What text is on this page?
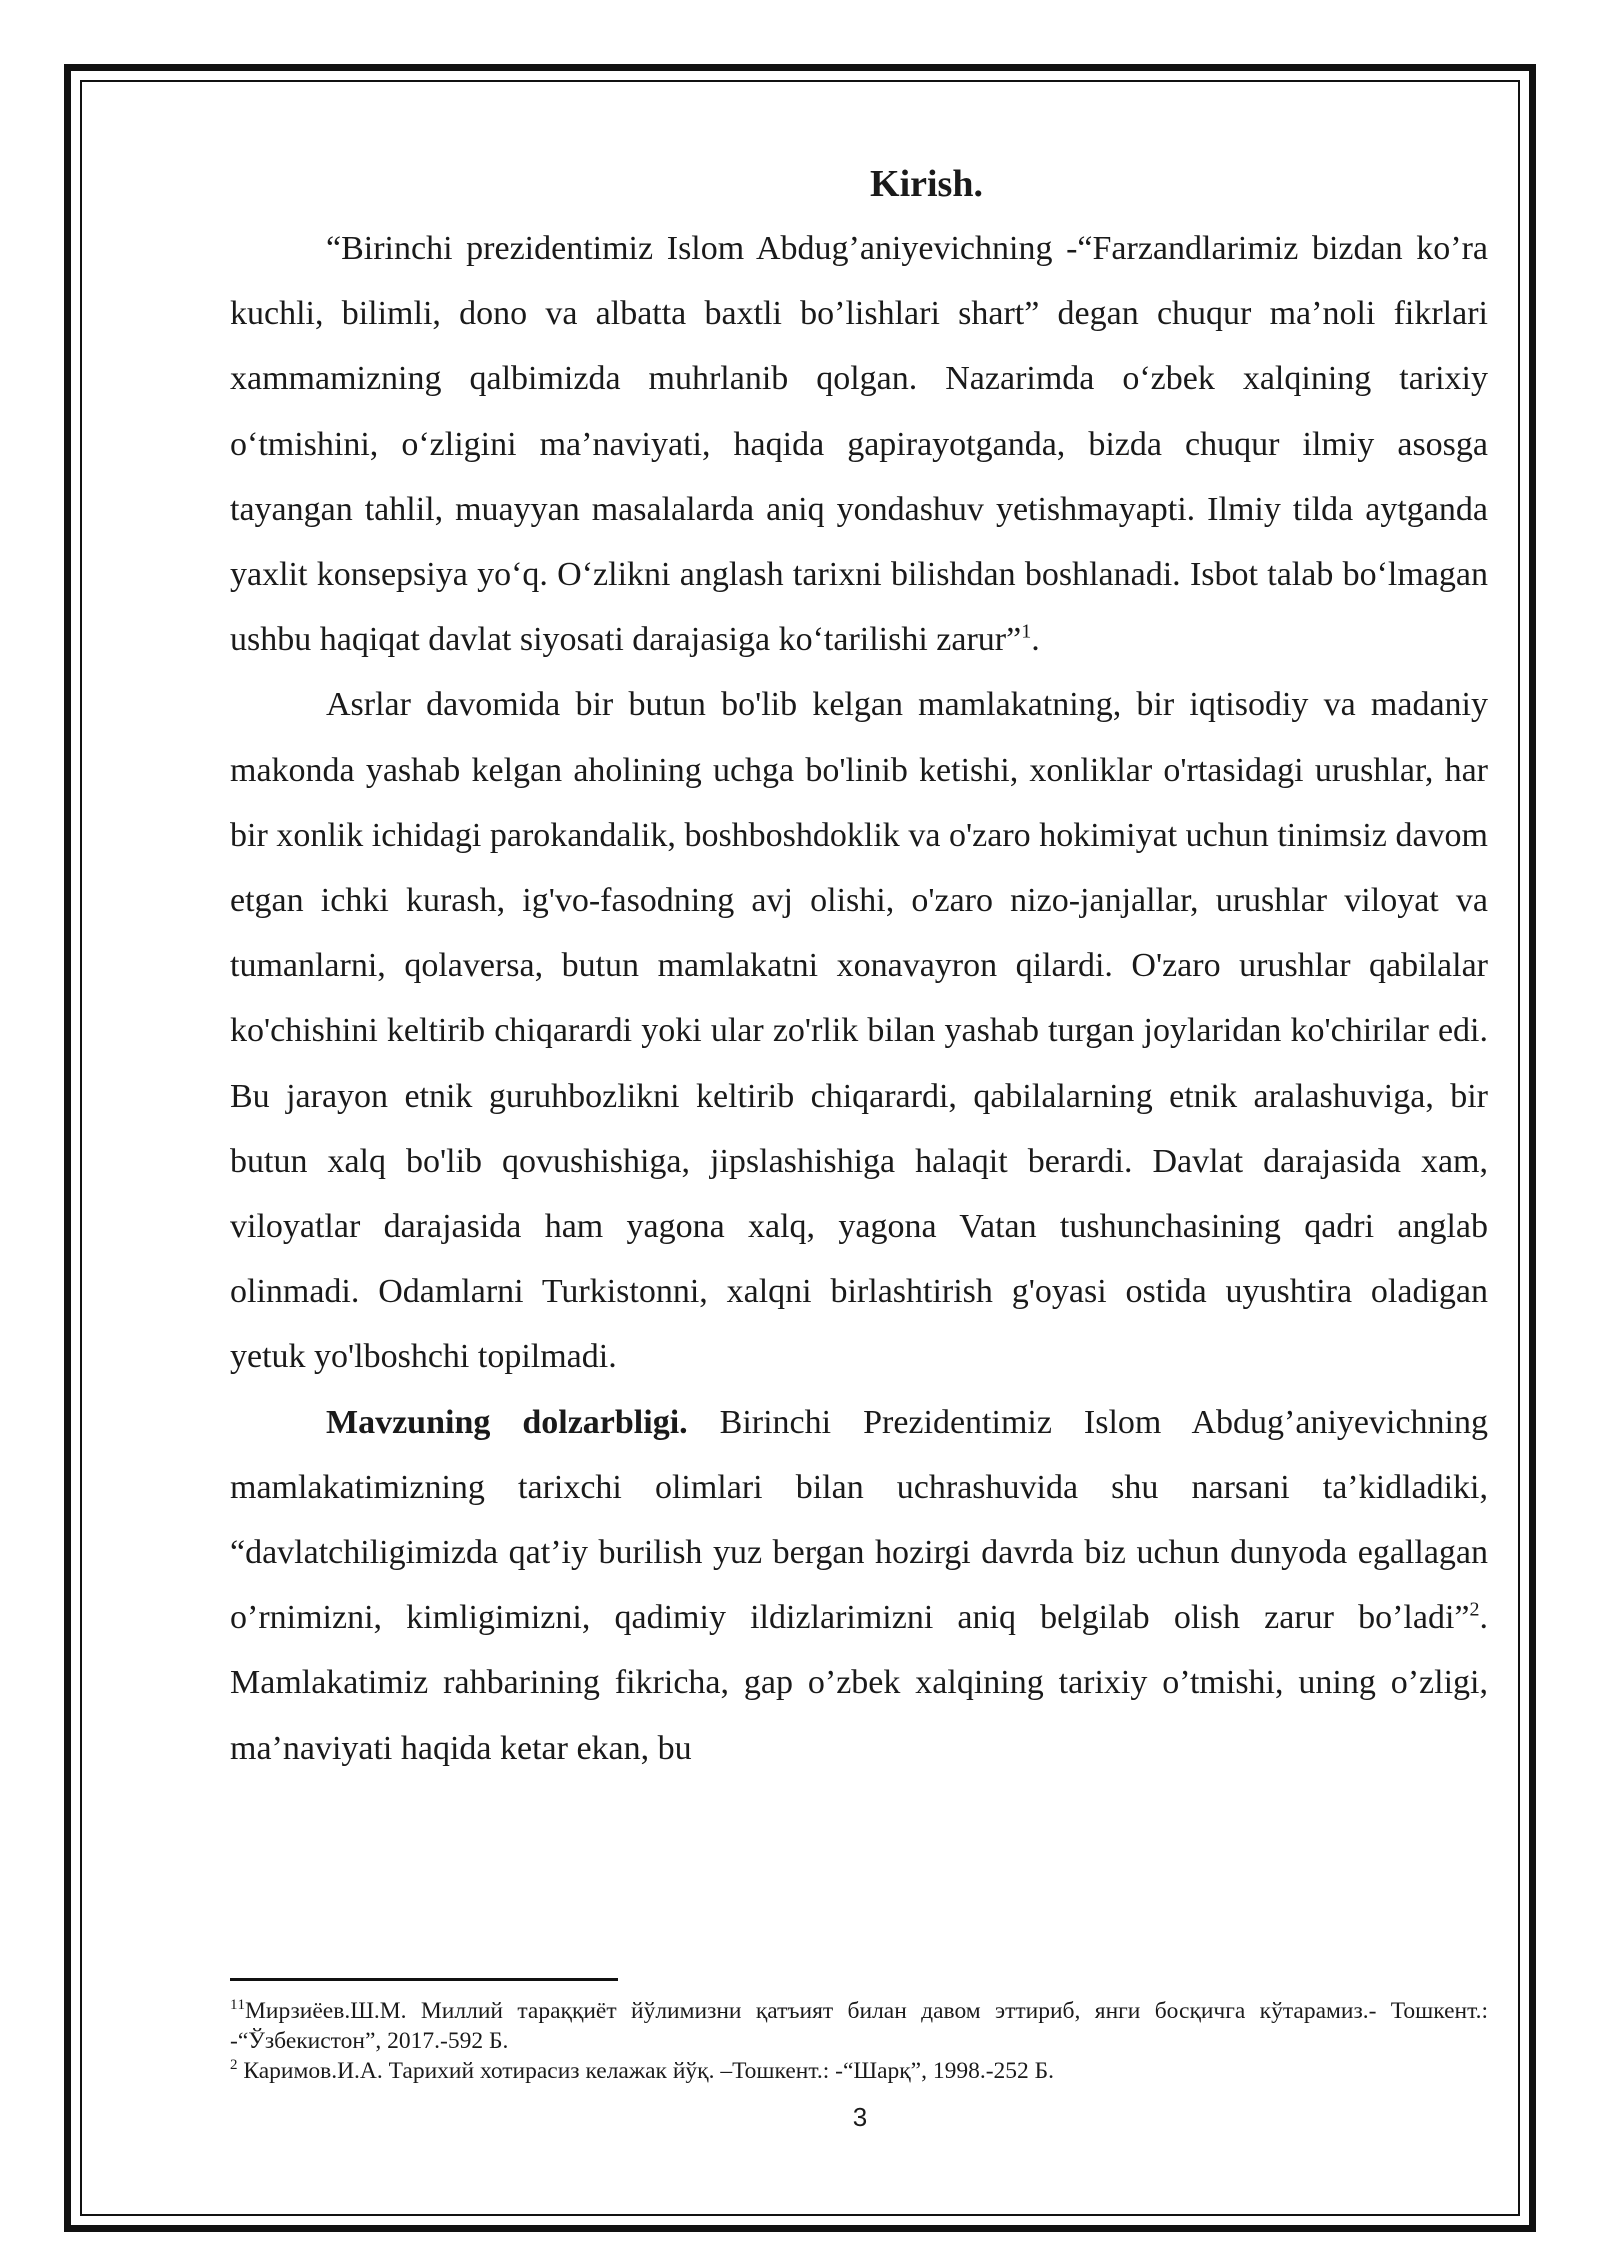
Kirish.

“Birinchi prezidentimiz Islom Abdug’aniyevichning -“Farzandlarimiz bizdan ko’ra kuchli, bilimli, dono va albatta baxtli bo’lishlari shart” degan chuqur ma’noli fikrlari xammamizning qalbimizda muhrlanib qolgan. Nazarimda o‘zbek xalqining tarixiy o‘tmishini, o‘zligini ma’naviyati, haqida gapirayotganda, bizda chuqur ilmiy asosga tayangan tahlil, muayyan masalalarda aniq yondashuv yetishmayapti. Ilmiy tilda aytganda yaxlit konsepsiya yo‘q. O‘zlikni anglash tarixni bilishdan boshlanadi. Isbot talab bo‘lmagan ushbu haqiqat davlat siyosati darajasiga ko‘tarilishi zarur”$^1$.

Asrlar davomida bir butun bo'lib kelgan mamlakatning, bir iqtisodiy va madaniy makonda yashab kelgan aholining uchga bo'linib ketishi, xonliklar o'rtasidagi urushlar, har bir xonlik ichidagi parokandalik, boshboshdoklik va o'zaro hokimiyat uchun tinimsiz davom etgan ichki kurash, ig'vo-fasodning avj olishi, o'zaro nizo-janjallar, urushlar viloyat va tumanlarni, qolaversa, butun mamlakatni xonavayron qilardi. O'zaro urushlar qabilalar ko'chishini keltirib chiqarardi yoki ular zo'rlik bilan yashab turgan joylaridan ko'chirilar edi. Bu jarayon etnik guruhbozlikni keltirib chiqarardi, qabilalarning etnik aralashuviga, bir butun xalq bo'lib qovushishiga, jipslashishiga halaqit berardi. Davlat darajasida xam, viloyatlar darajasida ham yagona xalq, yagona Vatan tushunchasining qadri anglab olinmadi. Odamlarni Turkistonni, xalqni birlashtirish g'oyasi ostida uyushtira oladigan yetuk yo'lboshchi topilmadi.

Mavzuning dolzarbligi. Birinchi Prezidentimiz Islom Abdug’aniyevichning mamlakatimizning tarixchi olimlari bilan uchrashuvida shu narsani ta’kidladiki, “davlatchiligimizda qat’iy burilish yuz bergan hozirgi davrda biz uchun dunyoda egallagan o’rnimizni, kimligimizni, qadimiy ildizlarimizni aniq belgilab olish zarur bo’ladi”$^2$. Mamlakatimiz rahbarining fikricha, gap o’zbek xalqining tarixiy o’tmishi, uning o’zligi, ma’naviyati haqida ketar ekan, bu

$^{11}$Мирзиёев.Ш.М. Миллий тараққиёт йўлимизни қатъият билан давом эттириб, янги босқичга кўтарамиз.- Тошкент.: -“Ўзбекистон”, 2017.-592 Б.

$^2$ Каримов.И.А. Тарихий хотирасиз келажак йўқ. –Тошкент.: -“Шарқ”, 1998.-252 Б.

3
